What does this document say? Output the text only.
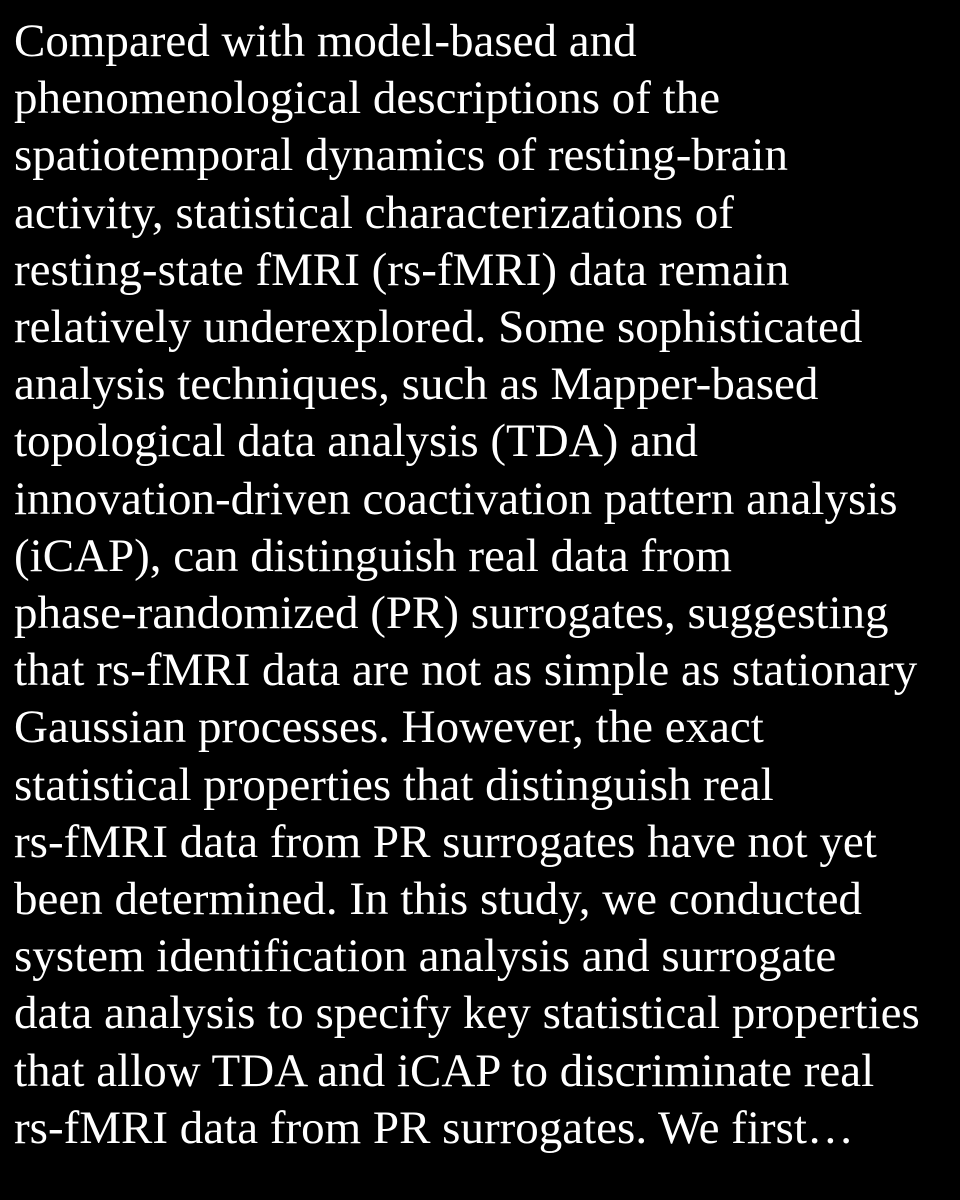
Compared with model-based and
phenomenological descriptions of the
spatiotemporal dynamics of resting-brain
activity, statistical characterizations of
resting-state fMRI (rs-fMRI) data remain
relatively underexplored. Some sophisticated
analysis techniques, such as Mapper-based
topological data analysis (TDA) and
innovation-driven coactivation pattern analysis
(iCAP), can distinguish real data from
phase-randomized (PR) surrogates, suggesting
that rs-fMRI data are not as simple as stationary
Gaussian processes. However, the exact
statistical properties that distinguish real
rs-fMRI data from PR surrogates have not yet
been determined. In this study, we conducted
system identification analysis and surrogate
data analysis to specify key statistical properties
that allow TDA and iCAP to discriminate real
rs-fMRI data from PR surrogates. We first…
